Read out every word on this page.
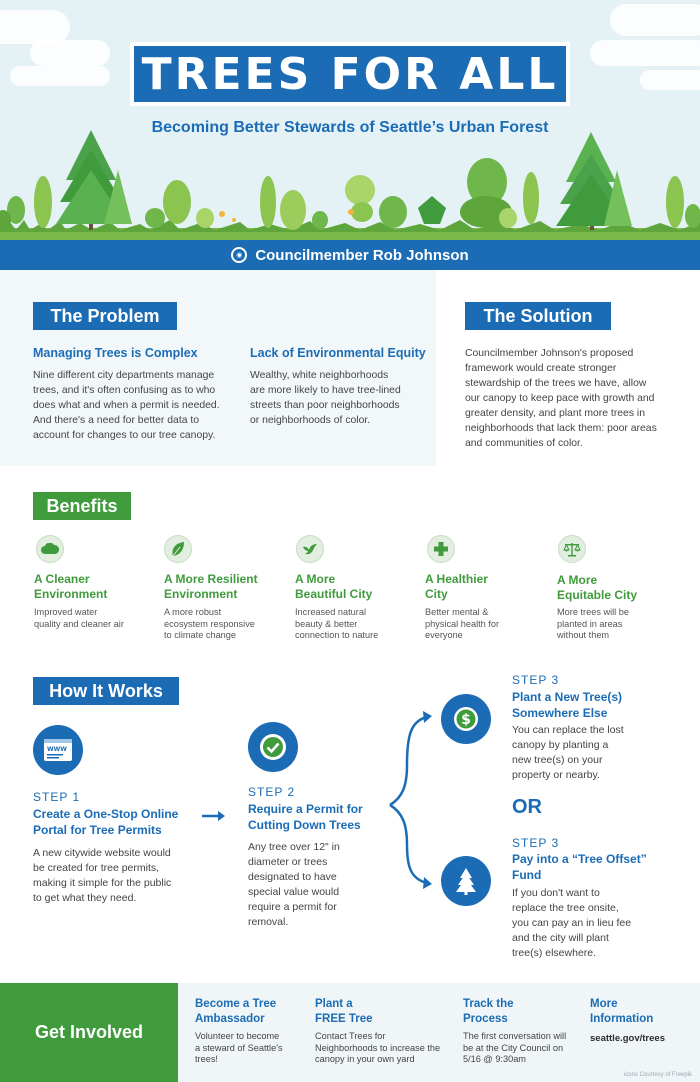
TREES FOR ALL
Becoming Better Stewards of Seattle’s Urban Forest
◉ Councilmember Rob Johnson
The Problem
Managing Trees is Complex
Nine different city departments manage
trees, and it's often confusing as to who
does what and when a permit is needed.
And there's a need for better data to
account for changes to our tree canopy.
Lack of Environmental Equity
Wealthy, white neighborhoods
are more likely to have tree-lined
streets than poor neighborhoods
or neighborhoods of color.
The Solution
Councilmember Johnson's proposed
framework would create stronger
stewardship of the trees we have, allow
our canopy to keep pace with growth and
greater density, and plant more trees in
neighborhoods that lack them: poor areas
and communities of color.
Benefits
A Cleaner
Environment
Improved water
quality and cleaner air
A More Resilient
Environment
A more robust
ecosystem responsive
to climate change
A More
Beautiful City
Increased natural
beauty & better
connection to nature
A Healthier
City
Better mental &
physical health for
everyone
A More
Equitable City
More trees will be
planted in areas
without them
How It Works
WWW
STEP 1
Create a One-Stop Online
Portal for Tree Permits
A new citywide website would
be created for tree permits,
making it simple for the public
to get what they need.
STEP 2
Require a Permit for
Cutting Down Trees
Any tree over 12" in
diameter or trees
designated to have
special value would
require a permit for
removal.
$
STEP 3
Plant a New Tree(s)
Somewhere Else
You can replace the lost
canopy by planting a
new tree(s) on your
property or nearby.
OR
STEP 3
Pay into a “Tree Offset”
Fund
If you don't want to
replace the tree onsite,
you can pay an in lieu fee
and the city will plant
tree(s) elsewhere.
Get Involved
Become a Tree
Ambassador
Volunteer to become
a steward of Seattle's
trees!
Plant a
FREE Tree
Contact Trees for
Neighborhoods to increase the
canopy in your own yard
Track the
Process
The first conversation will
be at the City Council on
5/16 @ 9:30am
More
Information
seattle.gov/trees
icons Courtesy of Freepik
